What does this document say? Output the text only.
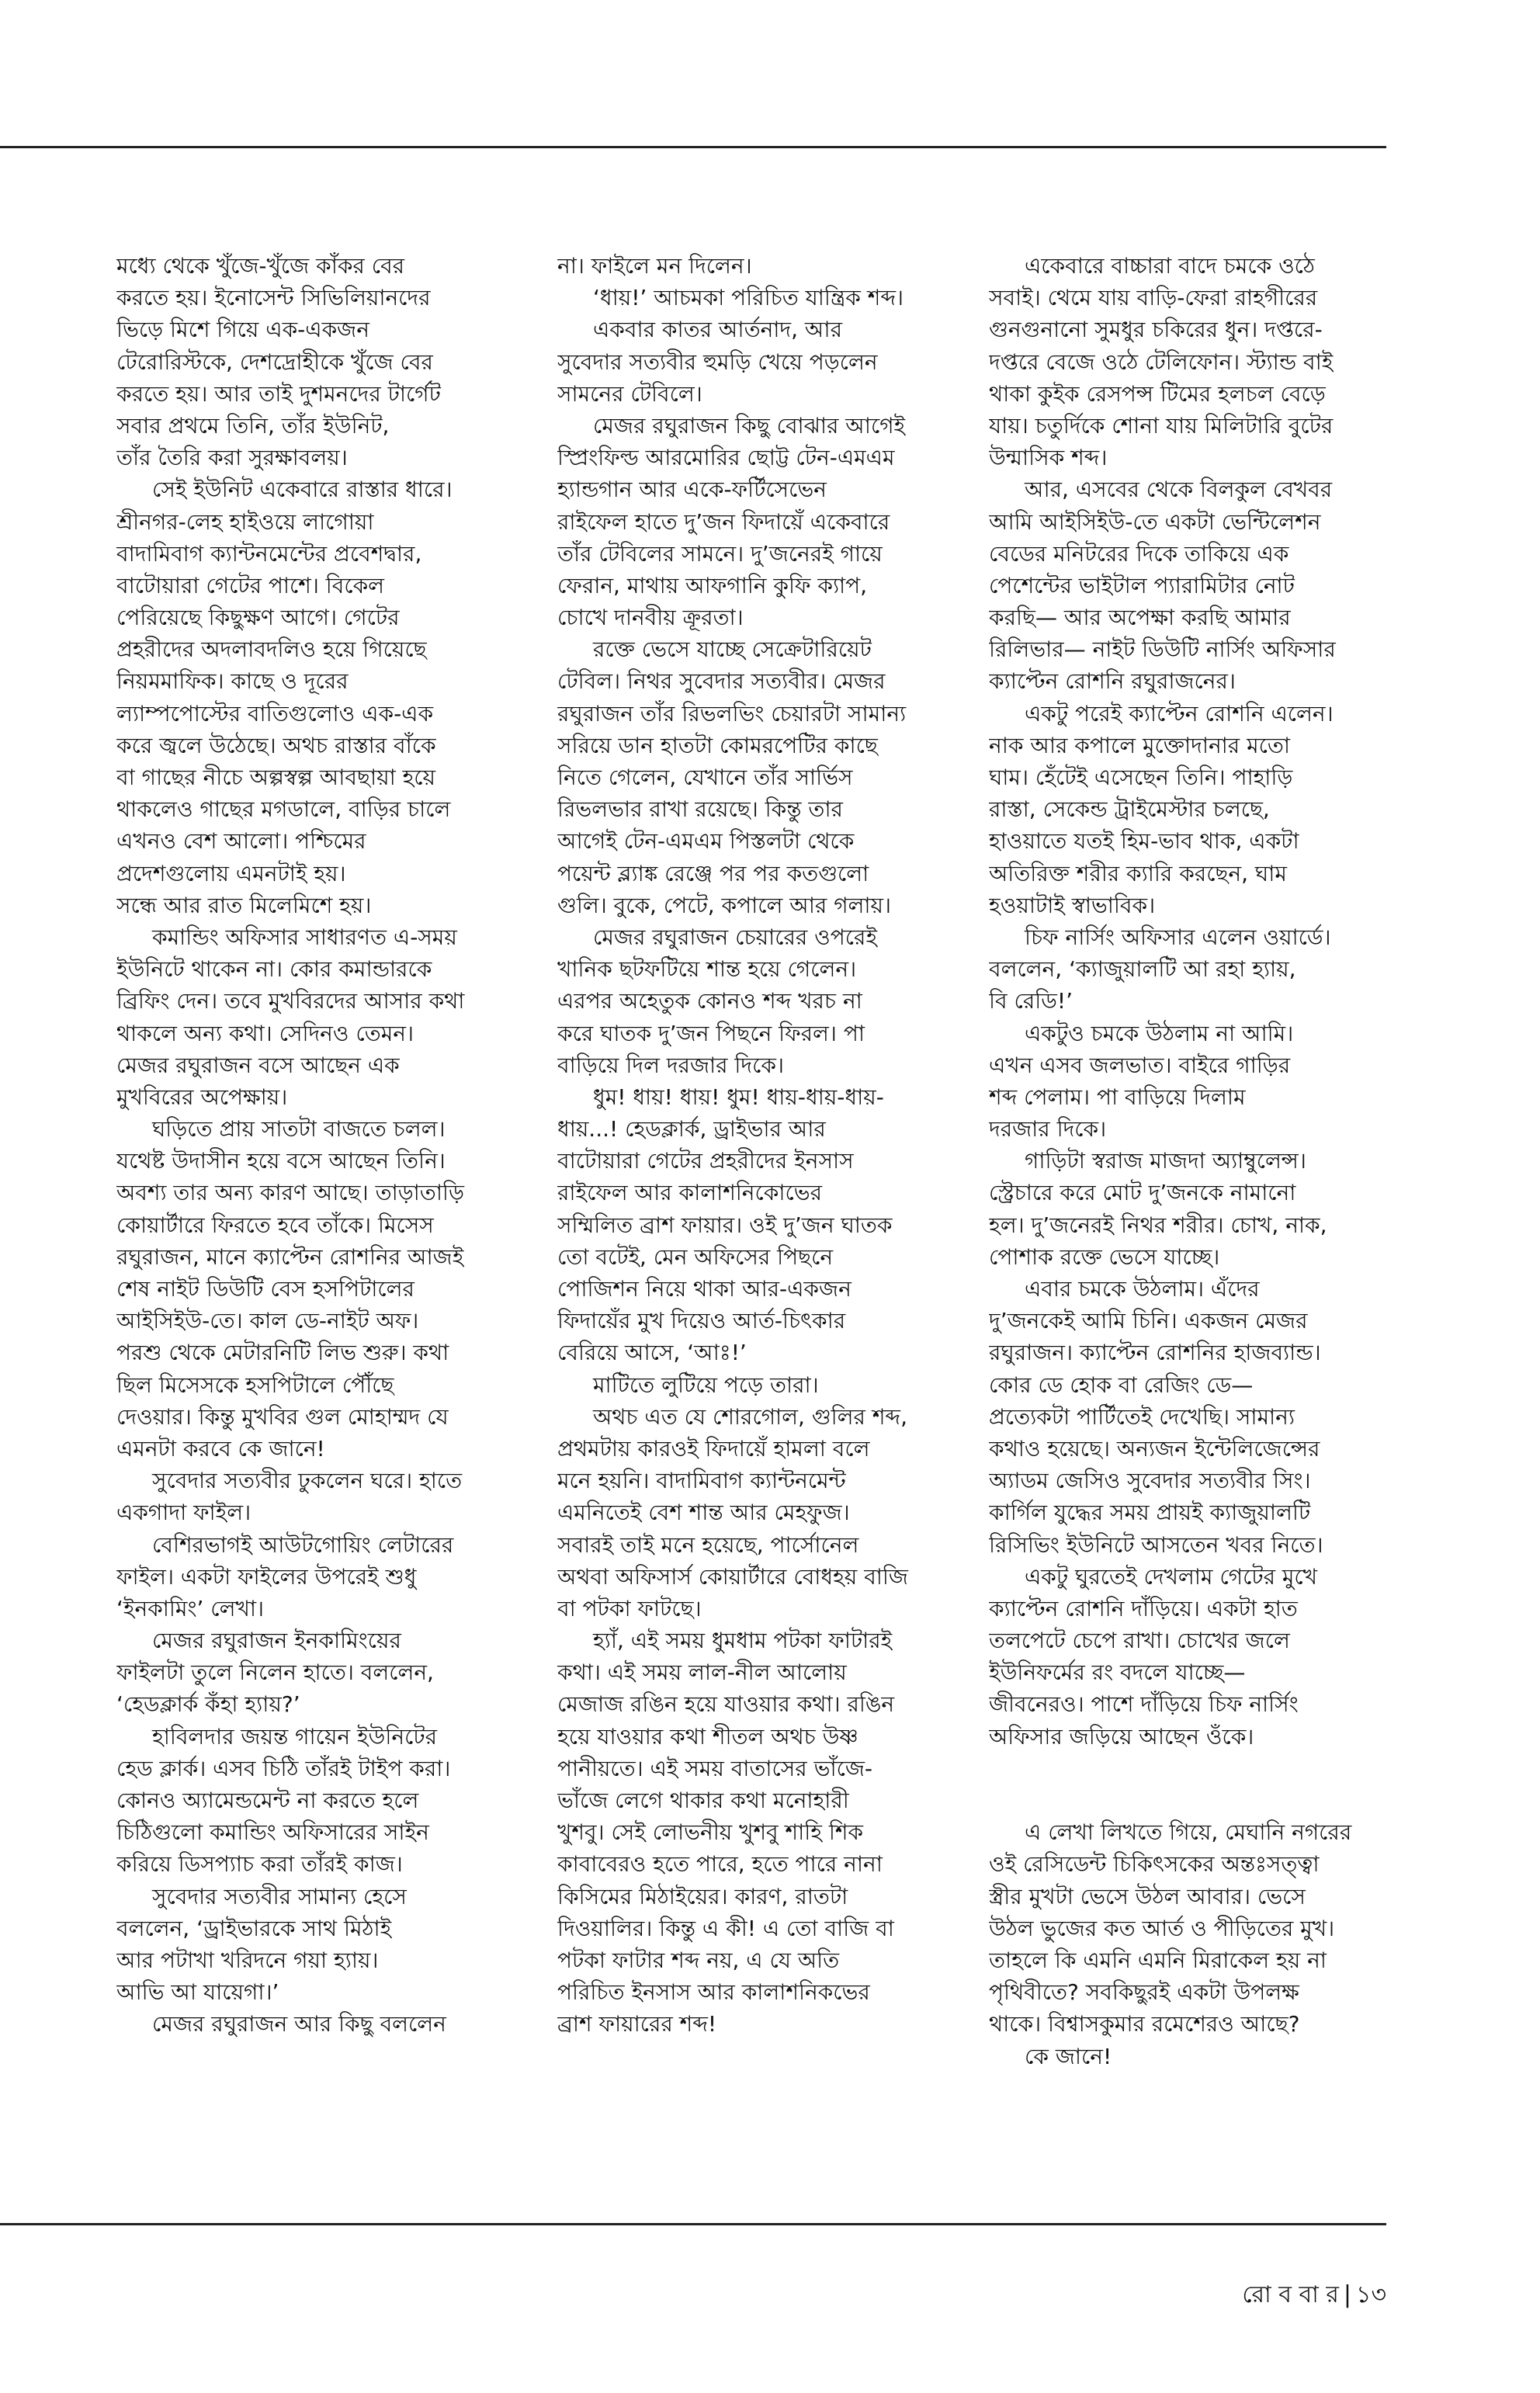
মধ্যে থেকে খুঁজে-খুঁজে কাঁকর বের
করতে হয়। ইনোসেন্ট সিভিলিয়ানদের
ভিড়ে মিশে গিয়ে এক-একজন
টেরোরিস্টকে, দেশদ্রোহীকে খুঁজে বের
করতে হয়। আর তাই দুশমনদের টার্গেট
সবার প্রথমে তিনি, তাঁর ইউনিট,
তাঁর তৈরি করা সুরক্ষাবলয়।
সেই ইউনিট একেবারে রাস্তার ধারে।
শ্রীনগর-লেহ হাইওয়ে লাগোয়া
বাদামিবাগ ক্যান্টনমেন্টের প্রবেশদ্বার,
বাটোয়ারা গেটের পাশে। বিকেল
পেরিয়েছে কিছুক্ষণ আগে। গেটের
প্রহরীদের অদলাবদলিও হয়ে গিয়েছে
নিয়মমাফিক। কাছে ও দূরের
ল্যাম্পপোস্টের বাতিগুলোও এক-এক
করে জ্বলে উঠেছে। অথচ রাস্তার বাঁকে
বা গাছের নীচে অল্পস্বল্প আবছায়া হয়ে
থাকলেও গাছের মগডালে, বাড়ির চালে
এখনও বেশ আলো। পশ্চিমের
প্রদেশগুলোয় এমনটাই হয়।
সন্ধে আর রাত মিলেমিশে হয়।
কমান্ডিং অফিসার সাধারণত এ-সময়
ইউনিটে থাকেন না। কোর কমান্ডারকে
ব্রিফিং দেন। তবে মুখবিরদের আসার কথা
থাকলে অন্য কথা। সেদিনও তেমন।
মেজর রঘুরাজন বসে আছেন এক
মুখবিরের অপেক্ষায়।
ঘড়িতে প্রায় সাতটা বাজতে চলল।
যথেষ্ট উদাসীন হয়ে বসে আছেন তিনি।
অবশ্য তার অন্য কারণ আছে। তাড়াতাড়ি
কোয়ার্টারে ফিরতে হবে তাঁকে। মিসেস
রঘুরাজন, মানে ক্যাপ্টেন রোশনির আজই
শেষ নাইট ডিউটি বেস হসপিটালের
আইসিইউ-তে। কাল ডে-নাইট অফ।
পরশু থেকে মেটারনিটি লিভ শুরু। কথা
ছিল মিসেসকে হসপিটালে পৌঁছে
দেওয়ার। কিন্তু মুখবির গুল মোহাম্মদ যে
এমনটা করবে কে জানে!
সুবেদার সত্যবীর ঢুকলেন ঘরে। হাতে
একগাদা ফাইল।
বেশিরভাগই আউটগোয়িং লেটারের
ফাইল। একটা ফাইলের উপরেই শুধু
‘ইনকামিং’ লেখা।
মেজর রঘুরাজন ইনকামিংয়ের
ফাইলটা তুলে নিলেন হাতে। বললেন,
‘হেডক্লার্ক কঁহা হ্যায়?’
হাবিলদার জয়ন্ত গায়েন ইউনিটের
হেড ক্লার্ক। এসব চিঠি তাঁরই টাইপ করা।
কোনও অ্যামেন্ডমেন্ট না করতে হলে
চিঠিগুলো কমান্ডিং অফিসারের সাইন
করিয়ে ডিসপ্যাচ করা তাঁরই কাজ।
সুবেদার সত্যবীর সামান্য হেসে
বললেন, ‘ড্রাইভারকে সাথ মিঠাই
আর পটাখা খরিদনে গয়া হ্যায়।
আভি আ যায়েগা।’
মেজর রঘুরাজন আর কিছু বললেন
না। ফাইলে মন দিলেন।
‘ধায়!’ আচমকা পরিচিত যান্ত্রিক শব্দ।
একবার কাতর আর্তনাদ, আর
সুবেদার সত্যবীর হুমড়ি খেয়ে পড়লেন
সামনের টেবিলে।
মেজর রঘুরাজন কিছু বোঝার আগেই
স্প্রিংফিল্ড আরমোরির ছোট্ট টেন-এমএম
হ্যান্ডগান আর একে-ফর্টিসেভেন
রাইফেল হাতে দু’জন ফিদায়েঁ একেবারে
তাঁর টেবিলের সামনে। দু’জনেরই গায়ে
ফেরান, মাথায় আফগানি কুফি ক্যাপ,
চোখে দানবীয় ক্রূরতা।
রক্তে ভেসে যাচ্ছে সেক্রেটারিয়েট
টেবিল। নিথর সুবেদার সত্যবীর। মেজর
রঘুরাজন তাঁর রিভলভিং চেয়ারটা সামান্য
সরিয়ে ডান হাতটা কোমরপেটির কাছে
নিতে গেলেন, যেখানে তাঁর সার্ভিস
রিভলভার রাখা রয়েছে। কিন্তু তার
আগেই টেন-এমএম পিস্তলটা থেকে
পয়েন্ট ব্ল্যাঙ্ক রেঞ্জে পর পর কতগুলো
গুলি। বুকে, পেটে, কপালে আর গলায়।
মেজর রঘুরাজন চেয়ারের ওপরেই
খানিক ছটফটিয়ে শান্ত হয়ে গেলেন।
এরপর অহেতুক কোনও শব্দ খরচ না
করে ঘাতক দু’জন পিছনে ফিরল। পা
বাড়িয়ে দিল দরজার দিকে।
ধুম! ধায়! ধায়! ধুম! ধায়-ধায়-ধায়-
ধায়...! হেডক্লার্ক, ড্রাইভার আর
বাটোয়ারা গেটের প্রহরীদের ইনসাস
রাইফেল আর কালাশনিকোভের
সম্মিলিত ব্রাশ ফায়ার। ওই দু’জন ঘাতক
তো বটেই, মেন অফিসের পিছনে
পোজিশন নিয়ে থাকা আর-একজন
ফিদায়েঁর মুখ দিয়েও আর্ত-চিৎকার
বেরিয়ে আসে, ‘আঃ!’
মাটিতে লুটিয়ে পড়ে তারা।
অথচ এত যে শোরগোল, গুলির শব্দ,
প্রথমটায় কারওই ফিদায়েঁ হামলা বলে
মনে হয়নি। বাদামিবাগ ক্যান্টনমেন্ট
এমনিতেই বেশ শান্ত আর মেহফুজ।
সবারই তাই মনে হয়েছে, পার্সোনেল
অথবা অফিসার্স কোয়ার্টারে বোধহয় বাজি
বা পটকা ফাটছে।
হ্যাঁ, এই সময় ধুমধাম পটকা ফাটারই
কথা। এই সময় লাল-নীল আলোয়
মেজাজ রঙিন হয়ে যাওয়ার কথা। রঙিন
হয়ে যাওয়ার কথা শীতল অথচ উষ্ণ
পানীয়তে। এই সময় বাতাসের ভাঁজে-
ভাঁজে লেগে থাকার কথা মনোহারী
খুশবু। সেই লোভনীয় খুশবু শাহি শিক
কাবাবেরও হতে পারে, হতে পারে নানা
কিসিমের মিঠাইয়ের। কারণ, রাতটা
দিওয়ালির। কিন্তু এ কী! এ তো বাজি বা
পটকা ফাটার শব্দ নয়, এ যে অতি
পরিচিত ইনসাস আর কালাশনিকভের
ব্রাশ ফায়ারের শব্দ!
একেবারে বাচ্চারা বাদে চমকে ওঠে
সবাই। থেমে যায় বাড়ি-ফেরা রাহগীরের
গুনগুনানো সুমধুর চকিরের ধুন। দপ্তরে-
দপ্তরে বেজে ওঠে টেলিফোন। স্ট্যান্ড বাই
থাকা কুইক রেসপন্স টিমের হলচল বেড়ে
যায়। চতুর্দিকে শোনা যায় মিলিটারি বুটের
উন্মাসিক শব্দ।
আর, এসবের থেকে বিলকুল বেখবর
আমি আইসিইউ-তে একটা ভেন্টিলেশন
বেডের মনিটরের দিকে তাকিয়ে এক
পেশেন্টের ভাইটাল প্যারামিটার নোট
করছি— আর অপেক্ষা করছি আমার
রিলিভার— নাইট ডিউটি নার্সিং অফিসার
ক্যাপ্টেন রোশনি রঘুরাজনের।
একটু পরেই ক্যাপ্টেন রোশনি এলেন।
নাক আর কপালে মুক্তোদানার মতো
ঘাম। হেঁটেই এসেছেন তিনি। পাহাড়ি
রাস্তা, সেকেন্ড ট্রাইমেস্টার চলছে,
হাওয়াতে যতই হিম-ভাব থাক, একটা
অতিরিক্ত শরীর ক্যারি করছেন, ঘাম
হওয়াটাই স্বাভাবিক।
চিফ নার্সিং অফিসার এলেন ওয়ার্ডে।
বললেন, ‘ক্যাজুয়ালটি আ রহা হ্যায়,
বি রেডি!’
একটুও চমকে উঠলাম না আমি।
এখন এসব জলভাত। বাইরে গাড়ির
শব্দ পেলাম। পা বাড়িয়ে দিলাম
দরজার দিকে।
গাড়িটা স্বরাজ মাজদা অ্যাম্বুলেন্স।
স্ট্রেচারে করে মোট দু’জনকে নামানো
হল। দু’জনেরই নিথর শরীর। চোখ, নাক,
পোশাক রক্তে ভেসে যাচ্ছে।
এবার চমকে উঠলাম। এঁদের
দু’জনকেই আমি চিনি। একজন মেজর
রঘুরাজন। ক্যাপ্টেন রোশনির হাজব্যান্ড।
কোর ডে হোক বা রেজিং ডে—
প্রত্যেকটা পার্টিতেই দেখেছি। সামান্য
কথাও হয়েছে। অন্যজন ইন্টেলিজেন্সের
অ্যাডম জেসিও সুবেদার সত্যবীর সিং।
কার্গিল যুদ্ধের সময় প্রায়ই ক্যাজুয়ালটি
রিসিভিং ইউনিটে আসতেন খবর নিতে।
একটু ঘুরতেই দেখলাম গেটের মুখে
ক্যাপ্টেন রোশনি দাঁড়িয়ে। একটা হাত
তলপেটে চেপে রাখা। চোখের জলে
ইউনিফর্মের রং বদলে যাচ্ছে—
জীবনেরও। পাশে দাঁড়িয়ে চিফ নার্সিং
অফিসার জড়িয়ে আছেন ওঁকে।
এ লেখা লিখতে গিয়ে, মেঘানি নগরের
ওই রেসিডেন্ট চিকিৎসকের অন্তঃসত্ত্বা
স্ত্রীর মুখটা ভেসে উঠল আবার। ভেসে
উঠল ভুজের কত আর্ত ও পীড়িতের মুখ।
তাহলে কি এমনি এমনি মিরাকেল হয় না
পৃথিবীতে? সবকিছুরই একটা উপলক্ষ
থাকে। বিশ্বাসকুমার রমেশেরও আছে?
কে জানে!
রো ব বা র | ১৩
